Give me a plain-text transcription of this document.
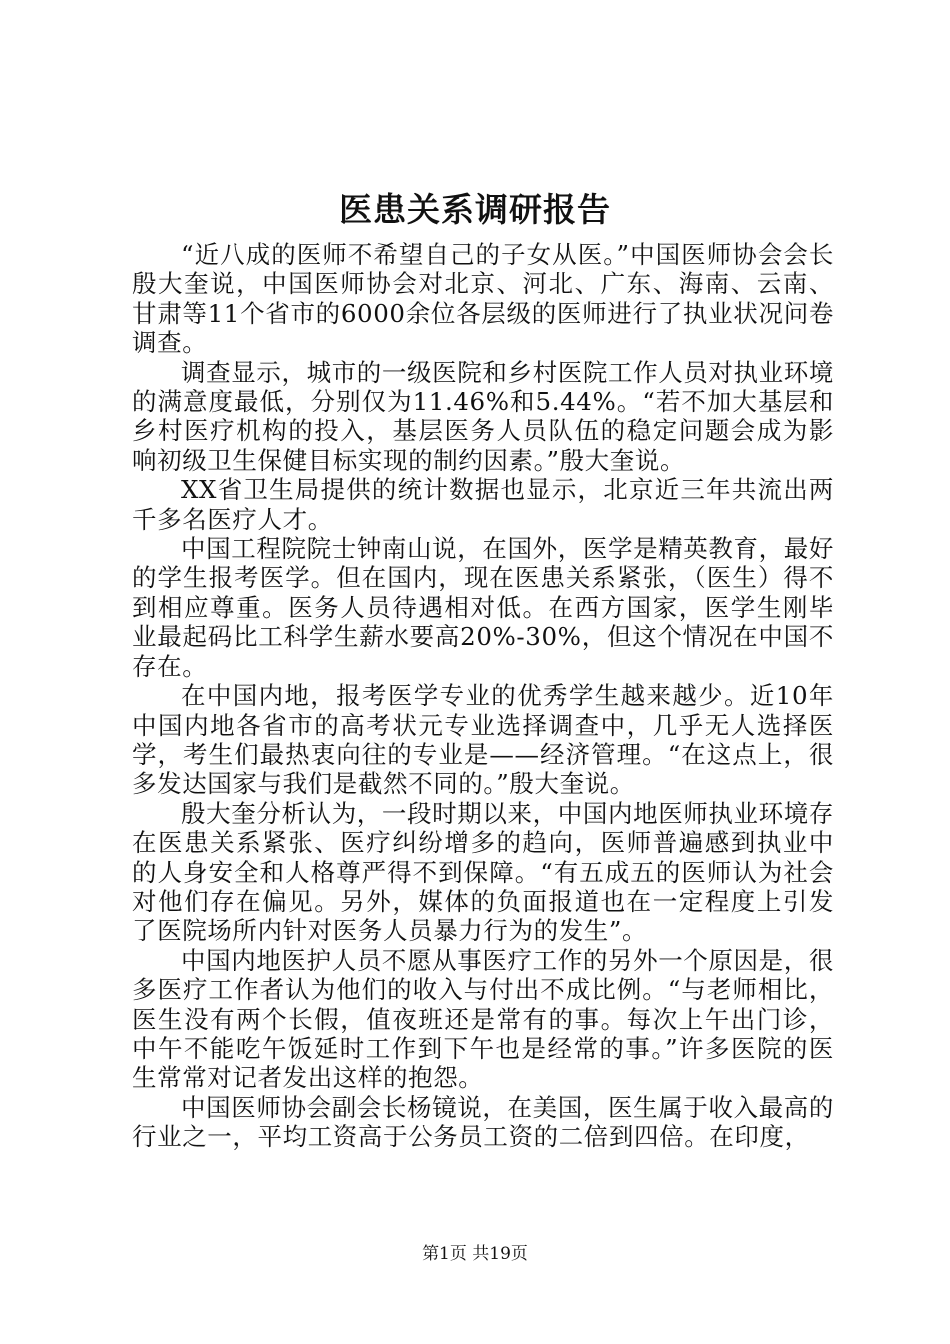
医患关系调研报告

“近八成的医师不希望自己的子女从医。”中国医师协会会长殷大奎说，中国医师协会对北京、河北、广东、海南、云南、甘肃等11个省市的6000余位各层级的医师进行了执业状况问卷调查。

调查显示，城市的一级医院和乡村医院工作人员对执业环境的满意度最低，分别仅为11.46%和5.44%。“若不加大基层和乡村医疗机构的投入，基层医务人员队伍的稳定问题会成为影响初级卫生保健目标实现的制约因素。”殷大奎说。

XX省卫生局提供的统计数据也显示，北京近三年共流出两千多名医疗人才。

中国工程院院士钟南山说，在国外，医学是精英教育，最好的学生报考医学。但在国内，现在医患关系紧张，（医生）得不到相应尊重。医务人员待遇相对低。在西方国家，医学生刚毕业最起码比工科学生薪水要高20%-30%，但这个情况在中国不存在。

在中国内地，报考医学专业的优秀学生越来越少。近10年中国内地各省市的高考状元专业选择调查中，几乎无人选择医学，考生们最热衷向往的专业是——经济管理。“在这点上，很多发达国家与我们是截然不同的。”殷大奎说。

殷大奎分析认为，一段时期以来，中国内地医师执业环境存在医患关系紧张、医疗纠纷增多的趋向，医师普遍感到执业中的人身安全和人格尊严得不到保障。“有五成五的医师认为社会对他们存在偏见。另外，媒体的负面报道也在一定程度上引发了医院场所内针对医务人员暴力行为的发生”。

中国内地医护人员不愿从事医疗工作的另外一个原因是，很多医疗工作者认为他们的收入与付出不成比例。“与老师相比，医生没有两个长假，值夜班还是常有的事。每次上午出门诊，中午不能吃午饭延时工作到下午也是经常的事。”许多医院的医生常常对记者发出这样的抱怨。

中国医师协会副会长杨镜说，在美国，医生属于收入最高的行业之一，平均工资高于公务员工资的二倍到四倍。在印度，

第1页 共19页
